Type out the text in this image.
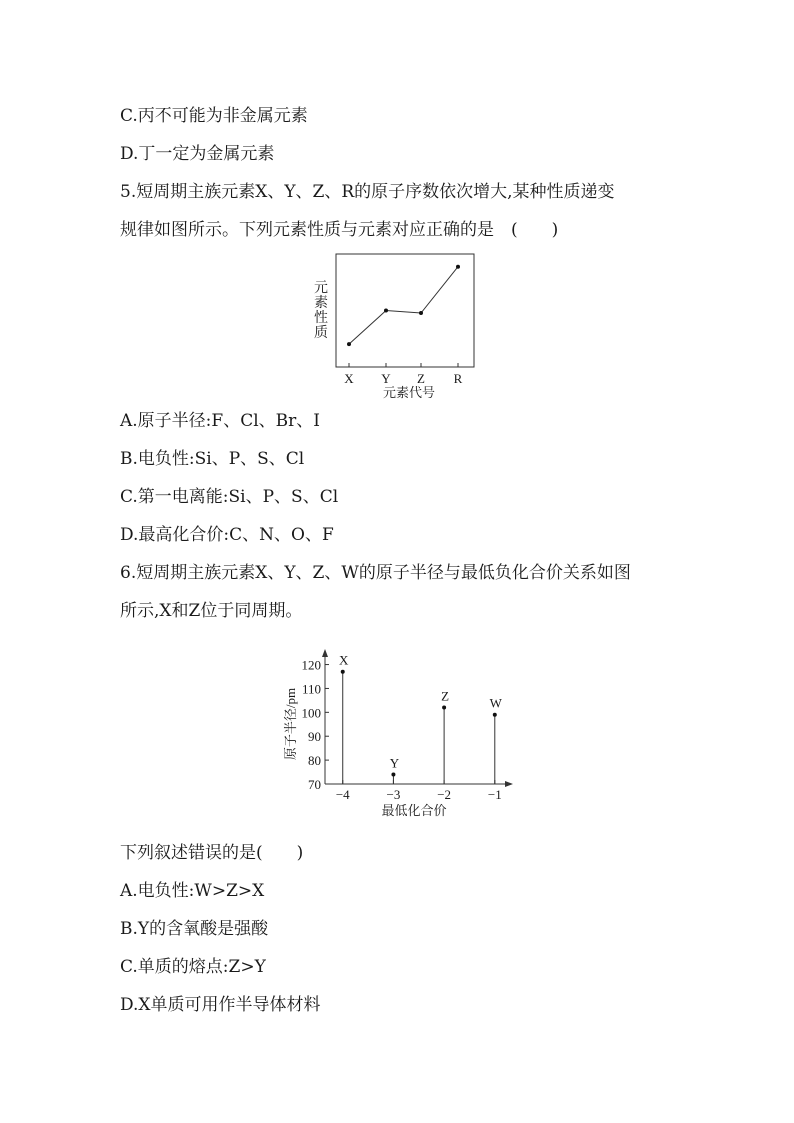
C.丙不可能为非金属元素
D.丁一定为金属元素
5.短周期主族元素X、Y、Z、R的原子序数依次增大,某种性质递变
规律如图所示。下列元素性质与元素对应正确的是　(　　)
元
素
性
质
X Y Z R
元素代号
A.原子半径:F、Cl、Br、I
B.电负性:Si、P、S、Cl
C.第一电离能:Si、P、S、Cl
D.最高化合价:C、N、O、F
6.短周期主族元素X、Y、Z、W的原子半径与最低负化合价关系如图
所示,X和Z位于同周期。
原子半径/pm
70
80
90
100
110
120
−4	−3	−2	−1
X
Y
Z	W
最低化合价
下列叙述错误的是(　　)
A.电负性:W>Z>X
B.Y的含氧酸是强酸
C.单质的熔点:Z>Y
D.X单质可用作半导体材料
